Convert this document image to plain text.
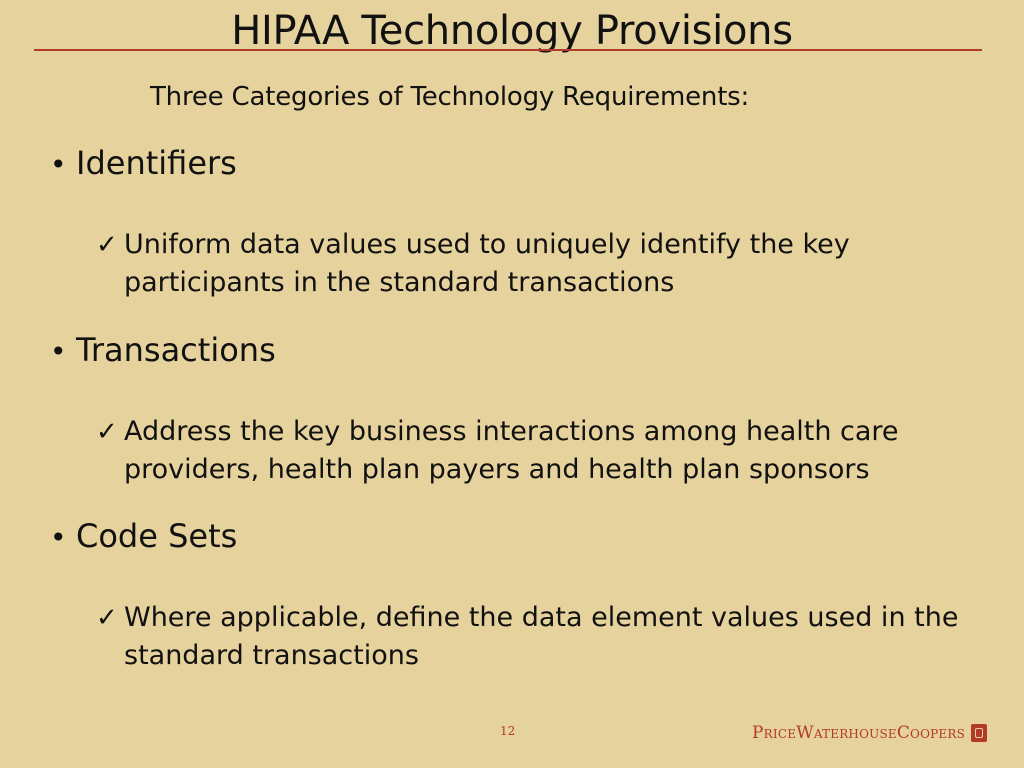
HIPAA Technology Provisions
Three Categories of Technology Requirements:
• Identifiers
✓ Uniform data values used to uniquely identify the key participants in the standard transactions
• Transactions
✓ Address the key business interactions among health care providers, health plan payers and health plan sponsors
• Code Sets
✓ Where applicable, define the data element values used in the standard transactions
12	PriceWaterhouseCoopers
